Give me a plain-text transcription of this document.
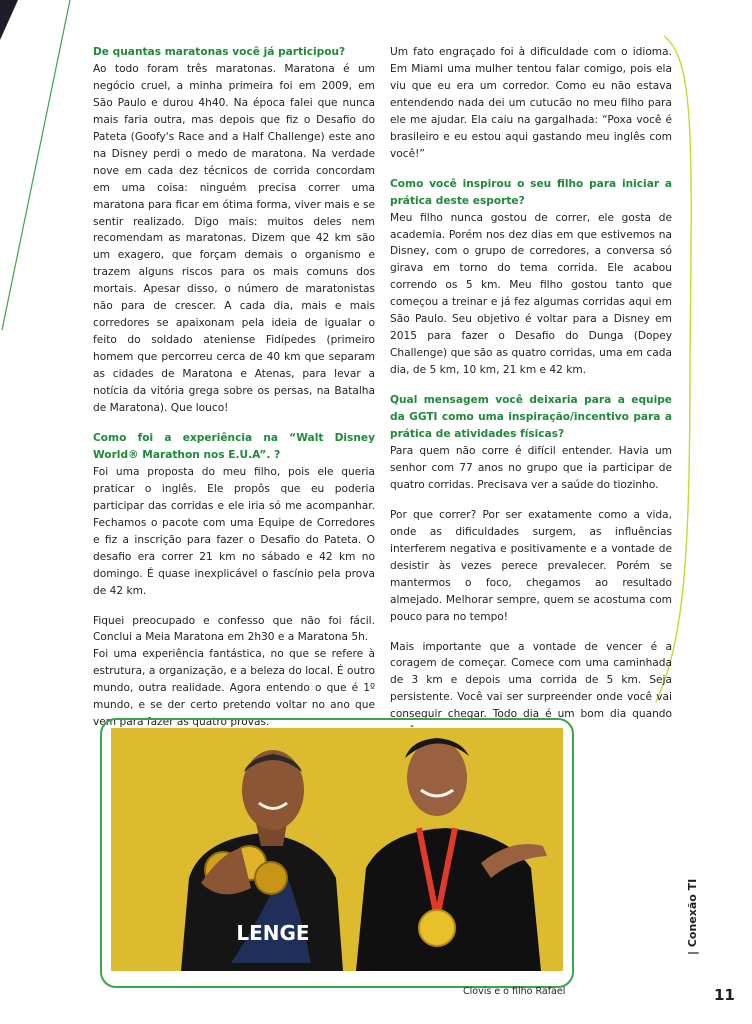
De quantas maratonas você já participou?

Ao todo foram três maratonas. Maratona é um negócio cruel, a minha primeira foi em 2009, em São Paulo e durou 4h40. Na época falei que nunca mais faria outra, mas depois que fiz o Desafio do Pateta (Goofy's Race and a Half Challenge) este ano na Disney perdi o medo de maratona. Na verdade nove em cada dez técnicos de corrida concordam em uma coisa: ninguém precisa correr uma maratona para ficar em ótima forma, viver mais e se sentir realizado. Digo mais: muitos deles nem recomendam as maratonas. Dizem que 42 km são um exagero, que forçam demais o organismo e trazem alguns riscos para os mais comuns dos mortais. Apesar disso, o número de maratonistas não para de crescer. A cada dia, mais e mais corredores se apaixonam pela ideia de igualar o feito do soldado ateniense Fidípedes (primeiro homem que percorreu cerca de 40 km que separam as cidades de Maratona e Atenas, para levar a notícia da vitória grega sobre os persas, na Batalha de Maratona). Que louco!

Como foi a experiência na “Walt Disney World® Marathon nos E.U.A”. ?

Foi uma proposta do meu filho, pois ele queria praticar o inglês. Ele propôs que eu poderia participar das corridas e ele iria só me acompanhar. Fechamos o pacote com uma Equipe de Corredores e fiz a inscrição para fazer o Desafio do Pateta. O desafio era correr 21 km no sábado e 42 km no domingo. É quase inexplicável o fascínio pela prova de 42 km.

Fiquei preocupado e confesso que não foi fácil. Conclui a Meia Maratona em 2h30 e a Maratona 5h.

Foi uma experiência fantástica, no que se refere à estrutura, a organização, e a beleza do local. É outro mundo, outra realidade. Agora entendo o que é 1º mundo, e se der certo pretendo voltar no ano que vem para fazer as quatro provas.

Um fato engraçado foi à dificuldade com o idioma. Em Miami uma mulher tentou falar comigo, pois ela viu que eu era um corredor. Como eu não estava entendendo nada dei um cutucão no meu filho para ele me ajudar. Ela caiu na gargalhada: “Poxa você é brasileiro e eu estou aqui gastando meu inglês com você!”

Como você inspirou o seu filho para iniciar a prática deste esporte?

Meu filho nunca gostou de correr, ele gosta de academia. Porém nos dez dias em que estivemos na Disney, com o grupo de corredores, a conversa só girava em torno do tema corrida. Ele acabou correndo os 5 km. Meu filho gostou tanto que começou a treinar e já fez algumas corridas aqui em São Paulo. Seu objetivo é voltar para a Disney em 2015 para fazer o Desafio do Dunga (Dopey Challenge) que são as quatro corridas, uma em cada dia, de 5 km, 10 km, 21 km e 42 km.

Qual mensagem você deixaria para a equipe da GGTI como uma inspiração/incentivo para a prática de atividades físicas?

Para quem não corre é difícil entender. Havia um senhor com 77 anos no grupo que ia participar de quatro corridas. Precisava ver a saúde do tiozinho.

Por que correr? Por ser exatamente como a vida, onde as dificuldades surgem, as influências interferem negativa e positivamente e a vontade de desistir às vezes perece prevalecer. Porém se mantermos o foco, chegamos ao resultado almejado. Melhorar sempre, quem se acostuma com pouco para no tempo!

Mais importante que a vontade de vencer é a coragem de começar. Comece com uma caminhada de 3 km e depois uma corrida de 5 km. Seja persistente. Você vai ser surpreender onde você vai conseguir chegar. Todo dia é um bom dia quando

LENGE
Clovis e o filho Rafael
| Conexão TI
11
